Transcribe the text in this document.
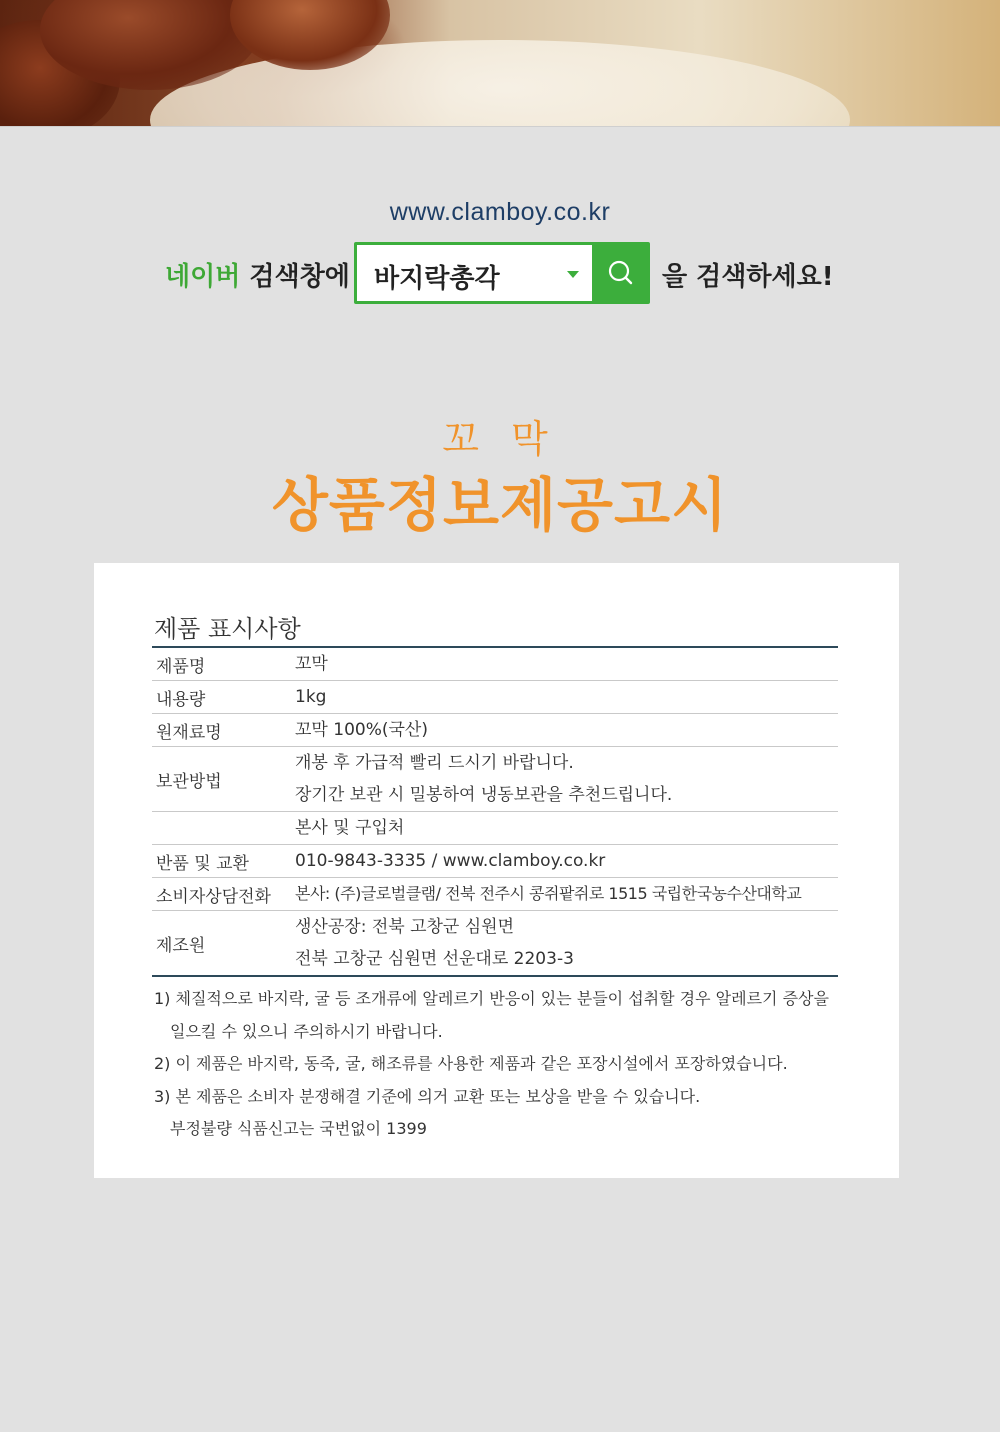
www.clamboy.co.kr
네이버 검색창에 바지락총각	을 검색하세요!
꼬 막
상품정보제공고시
제품 표시사항
제품명	꼬막

내용량	1kg

원재료명	꼬막 100%(국산)

보관방법	개봉 후 가급적 빨리 드시기 바랍니다.
장기간 보관 시 밀봉하여 냉동보관을 추천드립니다.

	본사 및 구입처

반품 및 교환	010-9843-3335 / www.clamboy.co.kr

소비자상담전화	본사: (주)글로벌클램/ 전북 전주시 콩쥐팥쥐로 1515 국립한국농수산대학교

제조원	생산공장: 전북 고창군 심원면
전북 고창군 심원면 선운대로 2203-3
1) 체질적으로 바지락, 굴 등 조개류에 알레르기 반응이 있는 분들이 섭취할 경우 알레르기 증상을
일으킬 수 있으니 주의하시기 바랍니다.
2) 이 제품은 바지락, 동죽, 굴, 해조류를 사용한 제품과 같은 포장시설에서 포장하였습니다.
3) 본 제품은 소비자 분쟁해결 기준에 의거 교환 또는 보상을 받을 수 있습니다.
부정불량 식품신고는 국번없이 1399
